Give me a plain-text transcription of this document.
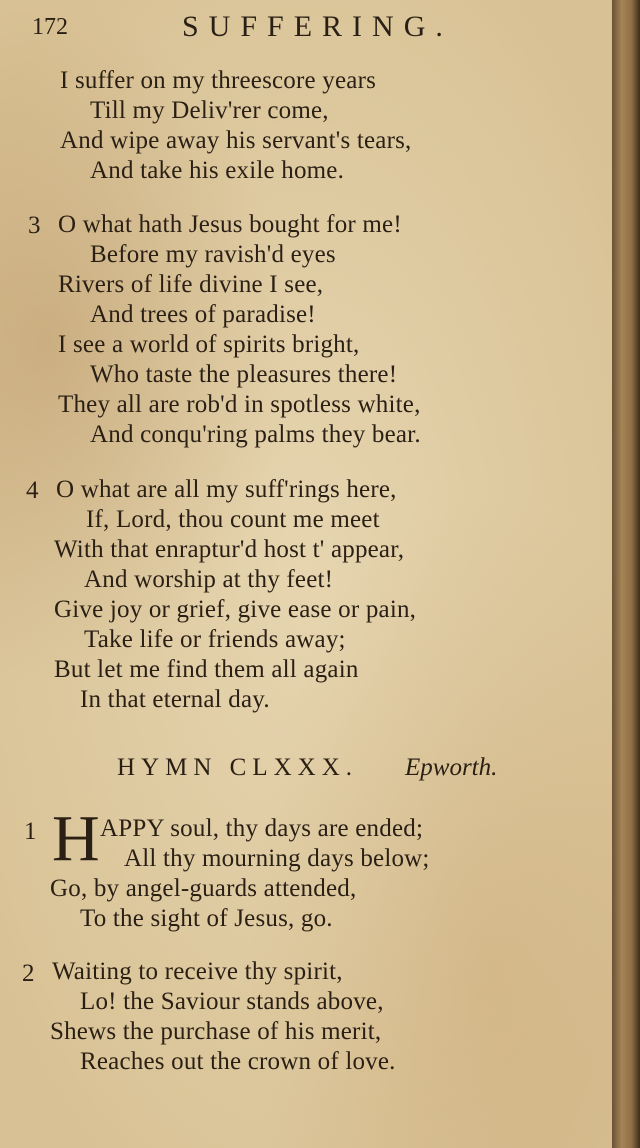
172	SUFFERING.
I suffer on my threescore years
Till my Deliv'rer come,
And wipe away his servant's tears,
And take his exile home.
3 O what hath Jesus bought for me!
Before my ravish'd eyes
Rivers of life divine I see,
And trees of paradise!
I see a world of spirits bright,
Who taste the pleasures there!
They all are rob'd in spotless white,
And conqu'ring palms they bear.
4 O what are all my suff'rings here,
If, Lord, thou count me meet
With that enraptur'd host t' appear,
And worship at thy feet!
Give joy or grief, give ease or pain,
Take life or friends away;
But let me find them all again
In that eternal day.
HYMN CLXXX. Epworth.
1 H APPY soul, thy days are ended;
All thy mourning days below;
Go, by angel-guards attended,
To the sight of Jesus, go.
2 Waiting to receive thy spirit,
Lo! the Saviour stands above,
Shews the purchase of his merit,
Reaches out the crown of love.
